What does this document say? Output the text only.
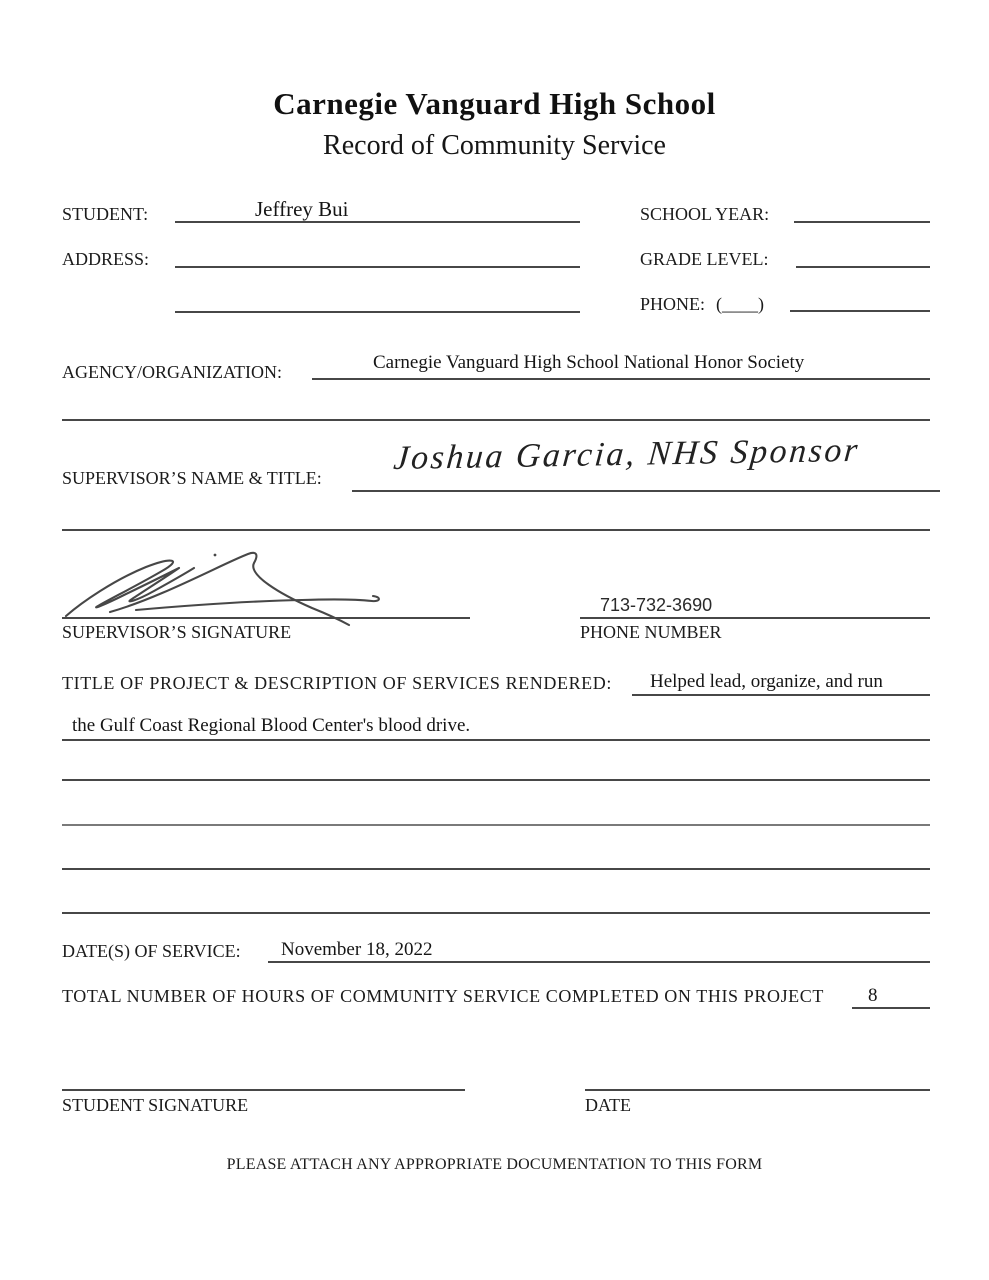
Carnegie Vanguard High School
Record of Community Service
STUDENT:	Jeffrey Bui	SCHOOL YEAR:
ADDRESS:	GRADE LEVEL:
PHONE: (____)
AGENCY/ORGANIZATION:	Carnegie Vanguard High School National Honor Society
SUPERVISOR’S NAME & TITLE:
Joshua Garcia, NHS Sponsor
SUPERVISOR’S SIGNATURE
713-732-3690
PHONE NUMBER
TITLE OF PROJECT & DESCRIPTION OF SERVICES RENDERED: Helped lead, organize, and run
the Gulf Coast Regional Blood Center's blood drive.
DATE(S) OF SERVICE: November 18, 2022
TOTAL NUMBER OF HOURS OF COMMUNITY SERVICE COMPLETED ON THIS PROJECT 8
STUDENT SIGNATURE	DATE
PLEASE ATTACH ANY APPROPRIATE DOCUMENTATION TO THIS FORM
